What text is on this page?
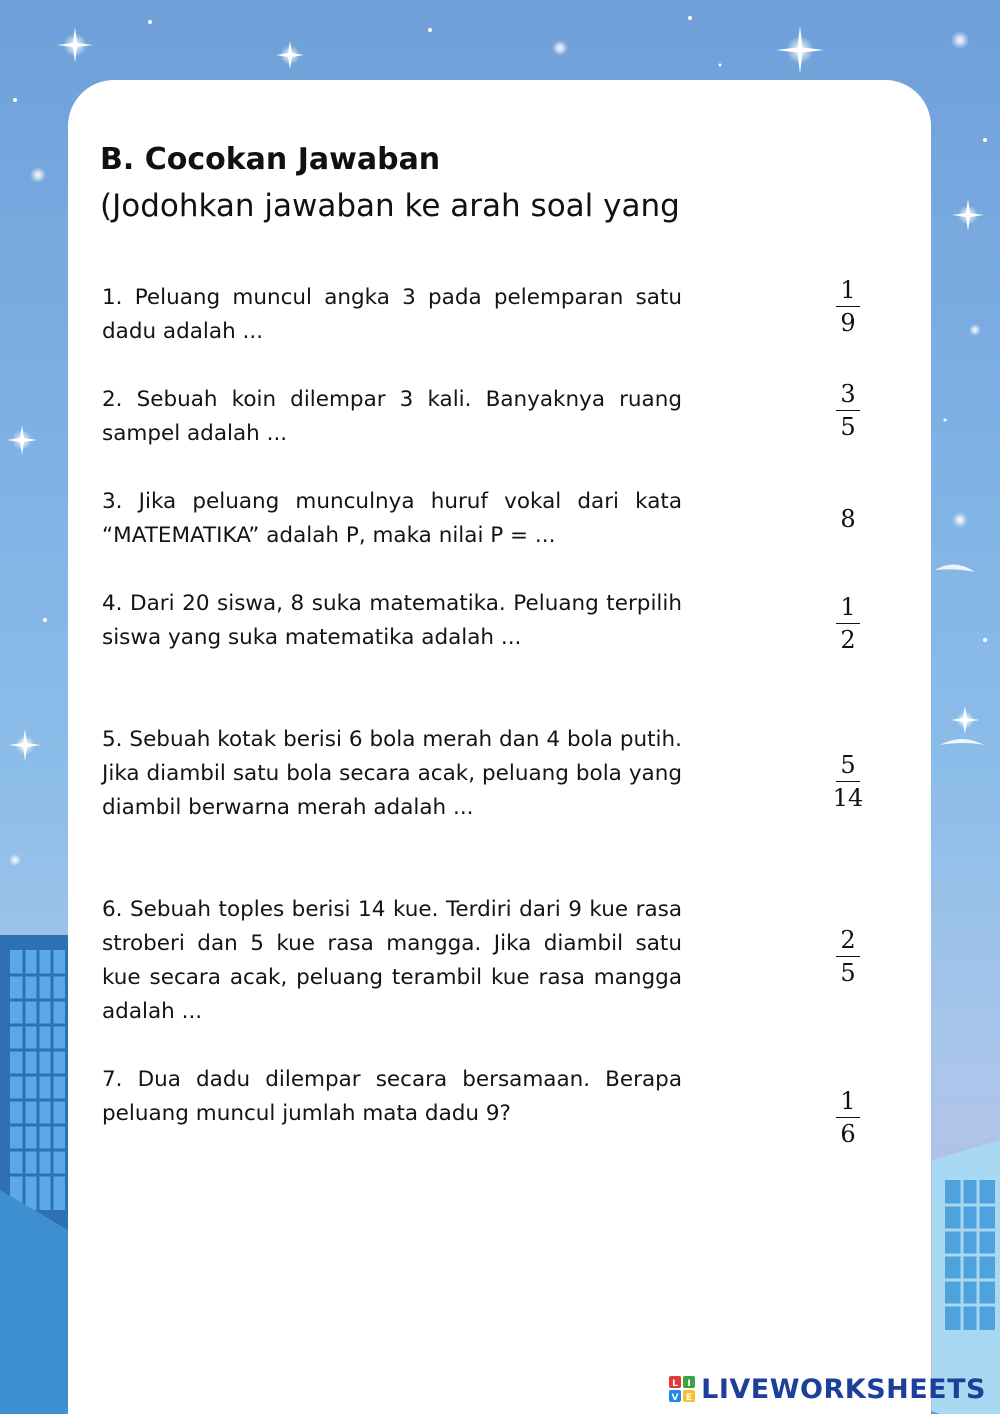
B. Cocokan Jawaban

(Jodohkan jawaban ke arah soal yang

1. Peluang muncul angka 3 pada pelemparan satu dadu adalah ...

2. Sebuah koin dilempar 3 kali. Banyaknya ruang sampel adalah ...

3. Jika peluang munculnya huruf vokal dari kata “MATEMATIKA” adalah P, maka nilai P = ...

4. Dari 20 siswa, 8 suka matematika. Peluang terpilih siswa yang suka matematika adalah ...

5. Sebuah kotak berisi 6 bola merah dan 4 bola putih. Jika diambil satu bola secara acak, peluang bola yang diambil berwarna merah adalah ...

6. Sebuah toples berisi 14 kue. Terdiri dari 9 kue rasa stroberi dan 5 kue rasa mangga. Jika diambil satu kue secara acak, peluang terambil kue rasa mangga adalah ...

7. Dua dadu dilempar secara bersamaan. Berapa peluang muncul jumlah mata dadu 9?

$\frac{1}{9}$
$\frac{3}{5}$
8
$\frac{1}{2}$
$\frac{5}{14}$
$\frac{2}{5}$
$\frac{1}{6}$
L I
V E LIVEWORKSHEETS
